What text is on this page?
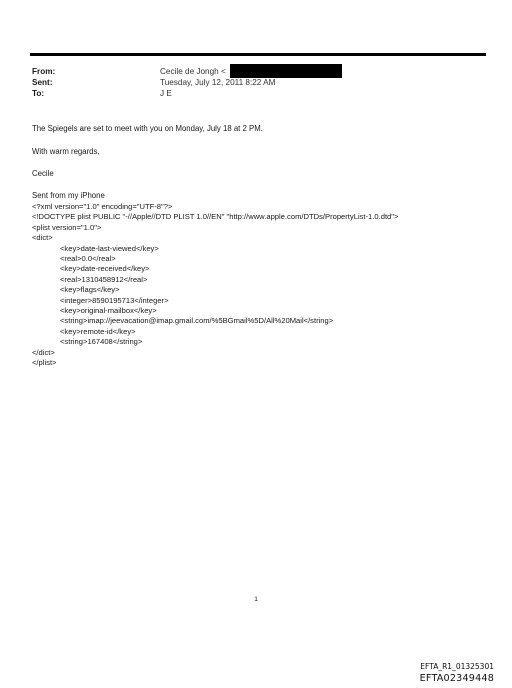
From:	Cecile de Jongh <
Sent:	Tuesday, July 12, 2011 8:22 AM
To:	J E
The Spiegels are set to meet with you on Monday, July 18 at 2 PM.
With warm regards,
Cecile
Sent from my iPhone
<?xml version="1.0" encoding="UTF-8"?>
<!DOCTYPE plist PUBLIC "-//Apple//DTD PLIST 1.0//EN" "http://www.apple.com/DTDs/PropertyList-1.0.dtd">
<plist version="1.0">
<dict>
<key>date-last-viewed</key>
<real>0.0</real>
<key>date-received</key>
<real>1310458912</real>
<key>flags</key>
<integer>8590195713</integer>
<key>original-mailbox</key>
<string>imap://jeevacation@imap.gmail.com/%5BGmail%5D/All%20Mail</string>
<key>remote-id</key>
<string>167408</string>
</dict>
</plist>
1
EFTA_R1_01325301
EFTA02349448
